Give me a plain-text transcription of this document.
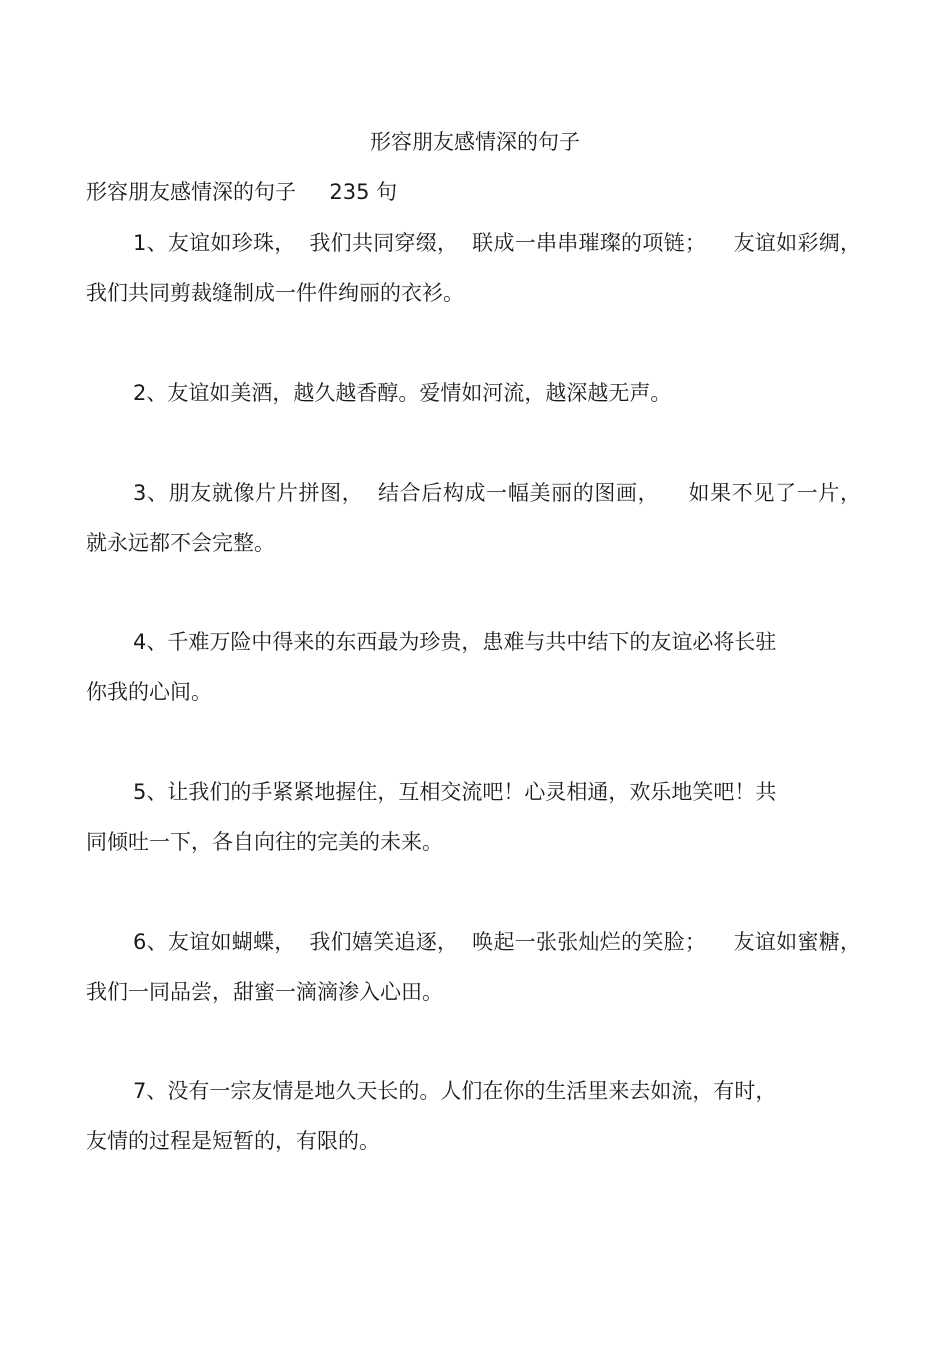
形容朋友感情深的句子
形容朋友感情深的句子     235 句
1、友谊如珍珠，  我们共同穿缀，  联成一串串璀璨的项链；    友谊如彩绸，
我们共同剪裁缝制成一件件绚丽的衣衫。
2、友谊如美酒，越久越香醇。爱情如河流，越深越无声。
3、朋友就像片片拼图，  结合后构成一幅美丽的图画，    如果不见了一片，
就永远都不会完整。
4、千难万险中得来的东西最为珍贵，患难与共中结下的友谊必将长驻
你我的心间。
5、让我们的手紧紧地握住，互相交流吧！心灵相通，欢乐地笑吧！共
同倾吐一下，各自向往的完美的未来。
6、友谊如蝴蝶，  我们嬉笑追逐，  唤起一张张灿烂的笑脸；    友谊如蜜糖，
我们一同品尝，甜蜜一滴滴渗入心田。
7、没有一宗友情是地久天长的。人们在你的生活里来去如流，有时，
友情的过程是短暂的，有限的。
